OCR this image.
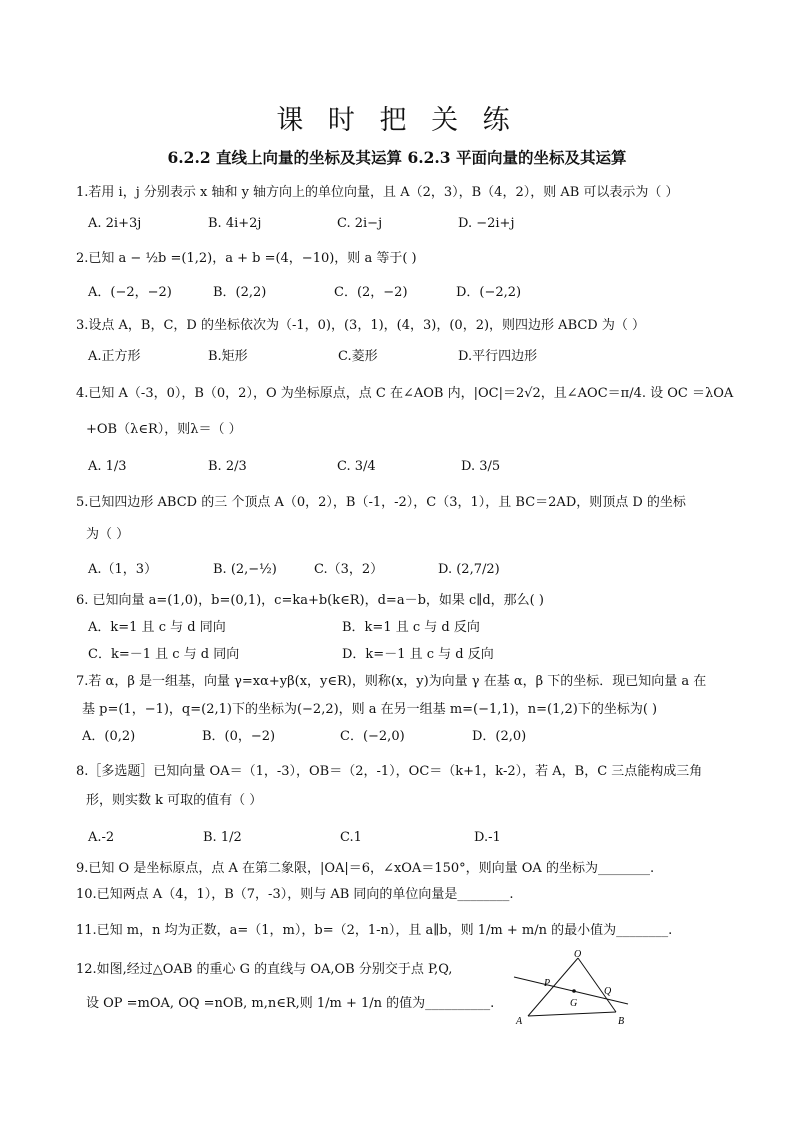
课 时 把 关 练
6.2.2 直线上向量的坐标及其运算 6.2.3 平面向量的坐标及其运算
1.若用 i，j 分别表示 x 轴和 y 轴方向上的单位向量，且 A（2，3），B（4，2），则 AB 可以表示为（ ）
A. 2i+3j	B. 4i+2j	C. 2i−j	D. −2i+j
2.已知 a − ½b =(1,2)，a + b =(4，−10)，则 a 等于( )
A．(−2，−2)	B．(2,2)	C．(2，−2)	D．(−2,2)
3.设点 A，B，C，D 的坐标依次为（-1，0)，(3，1)，(4，3)，(0，2)，则四边形 ABCD 为（ ）
A.正方形	B.矩形	C.菱形	D.平行四边形
4.已知 A（-3，0），B（0，2），O 为坐标原点，点 C 在∠AOB 内，|OC|＝2√2，且∠AOC＝π/4. 设 OC ＝λOA
+OB（λ∈R），则λ＝（ ）
A. 1/3	B. 2/3	C. 3/4	D. 3/5
5.已知四边形 ABCD 的三 个顶点 A（0，2），B（-1，-2），C（3，1），且 BC＝2AD，则顶点 D 的坐标
为（ ）
A.（1，3）	B. (2,−½)	C.（3，2）	D. (2,7/2)
6. 已知向量 a=(1,0)，b=(0,1)，c=ka+b(k∈R)，d=a－b，如果 c∥d，那么( )
A．k=1 且 c 与 d 同向	B．k=1 且 c 与 d 反向
C．k=－1 且 c 与 d 同向	D．k=－1 且 c 与 d 反向
7.若 α，β 是一组基，向量 γ=xα+yβ(x，y∈R)，则称(x，y)为向量 γ 在基 α，β 下的坐标．现已知向量 a 在
基 p=(1，−1)，q=(2,1)下的坐标为(−2,2)，则 a 在另一组基 m=(−1,1)，n=(1,2)下的坐标为( )
A．(0,2)	B．(0，−2)	C．(−2,0)	D．(2,0)
8.［多选题］已知向量 OA＝（1，-3），OB＝（2，-1），OC＝（k+1，k-2），若 A，B，C 三点能构成三角
形，则实数 k 可取的值有（ ）
A.-2	B. 1/2	C.1	D.-1
9.已知 O 是坐标原点，点 A 在第二象限，|OA|＝6，∠xOA＝150°，则向量 OA 的坐标为________.
10.已知两点 A（4，1），B（7，-3），则与 AB 同向的单位向量是________.
11.已知 m，n 均为正数，a=（1，m），b=（2，1-n），且 a∥b，则 1/m + m/n 的最小值为________.
12.如图,经过△OAB 的重心 G 的直线与 OA,OB 分别交于点 P,Q,
设 OP =mOA, OQ =nOB, m,n∈R,则 1/m + 1/n 的值为__________.
O
P
Q
G
A	B
